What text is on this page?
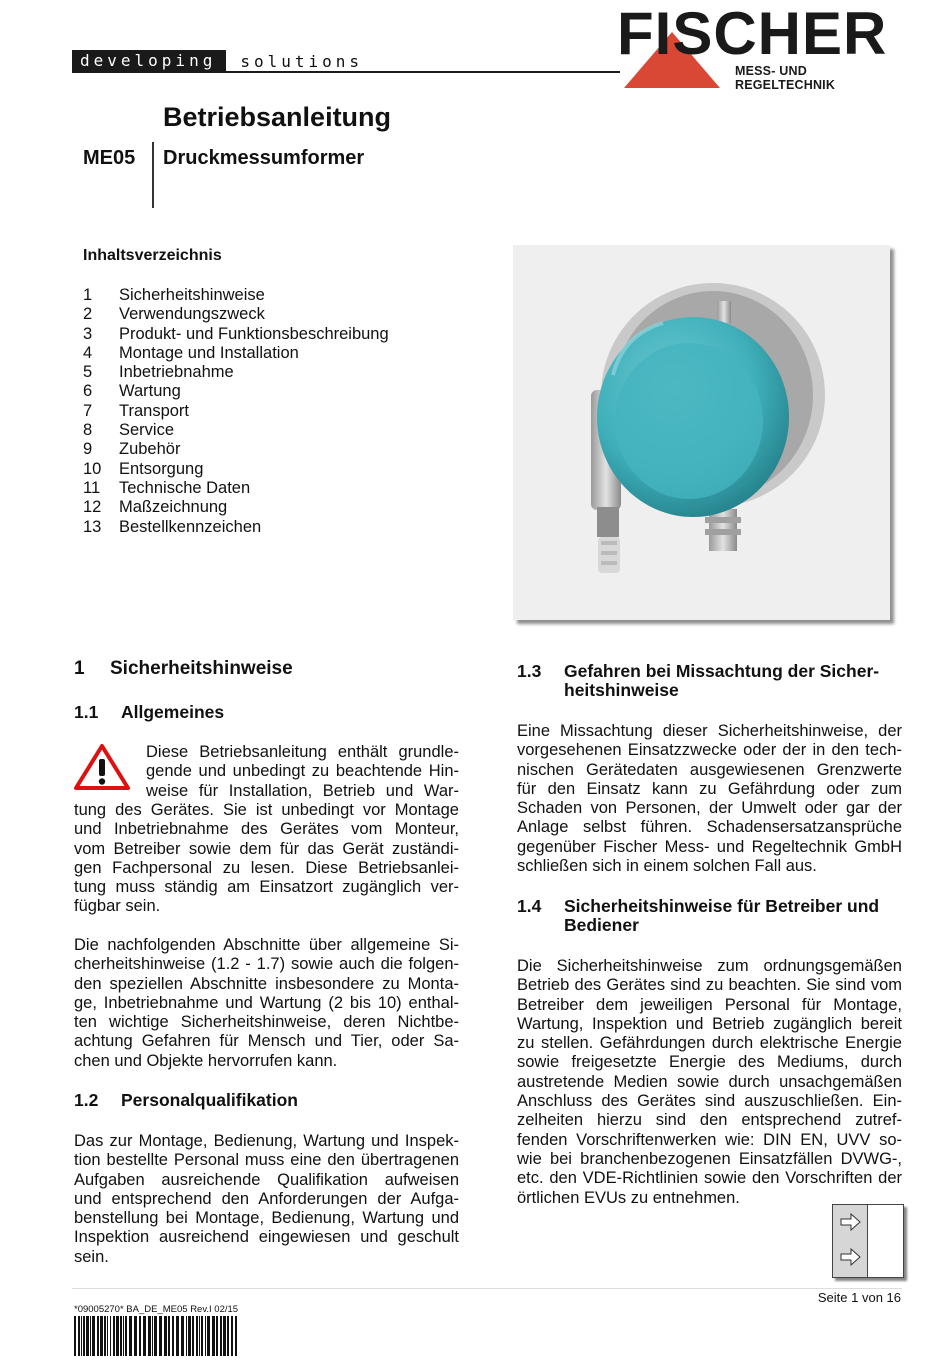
developing	solutions	FISCHER
MESS- UND REGELTECHNIK
Betriebsanleitung
ME05 Druckmessumformer
Inhaltsverzeichnis
1	Sicherheitshinweise
2	Verwendungszweck
3	Produkt- und Funktionsbeschreibung
4	Montage und Installation
5	Inbetriebnahme
6	Wartung
7	Transport
8	Service
9	Zubehör
10	Entsorgung
11	Technische Daten
12	Maßzeichnung
13	Bestellkennzeichen
1 Sicherheitshinweise
1.1 Allgemeines
Diese Betriebsanleitung enthält grundle-
gende und unbedingt zu beachtende Hin-
weise für Installation, Betrieb und War-
tung des Gerätes. Sie ist unbedingt vor Montage
und Inbetriebnahme des Gerätes vom Monteur,
vom Betreiber sowie dem für das Gerät zuständi-
gen Fachpersonal zu lesen. Diese Betriebsanlei-
tung muss ständig am Einsatzort zugänglich ver-
fügbar sein.
Die nachfolgenden Abschnitte über allgemeine Si-
cherheitshinweise (1.2 - 1.7) sowie auch die folgen-
den speziellen Abschnitte insbesondere zu Monta-
ge, Inbetriebnahme und Wartung (2 bis 10) enthal-
ten wichtige Sicherheitshinweise, deren Nichtbe-
achtung Gefahren für Mensch und Tier, oder Sa-
chen und Objekte hervorrufen kann.
1.2 Personalqualifikation
Das zur Montage, Bedienung, Wartung und Inspek-
tion bestellte Personal muss eine den übertragenen
Aufgaben ausreichende Qualifikation aufweisen
und entsprechend den Anforderungen der Aufga-
benstellung bei Montage, Bedienung, Wartung und
Inspektion ausreichend eingewiesen und geschult
sein.
1.3 Gefahren bei Missachtung der Sicher-
heitshinweise
Eine Missachtung dieser Sicherheitshinweise, der
vorgesehenen Einsatzzwecke oder der in den tech-
nischen Gerätedaten ausgewiesenen Grenzwerte
für den Einsatz kann zu Gefährdung oder zum
Schaden von Personen, der Umwelt oder gar der
Anlage selbst führen. Schadensersatzansprüche
gegenüber Fischer Mess- und Regeltechnik GmbH
schließen sich in einem solchen Fall aus.
1.4 Sicherheitshinweise für Betreiber und
Bediener
Die Sicherheitshinweise zum ordnungsgemäßen
Betrieb des Gerätes sind zu beachten. Sie sind vom
Betreiber dem jeweiligen Personal für Montage,
Wartung, Inspektion und Betrieb zugänglich bereit
zu stellen. Gefährdungen durch elektrische Energie
sowie freigesetzte Energie des Mediums, durch
austretende Medien sowie durch unsachgemäßen
Anschluss des Gerätes sind auszuschließen. Ein-
zelheiten hierzu sind den entsprechend zutref-
fenden Vorschriftenwerken wie: DIN EN, UVV so-
wie bei branchenbezogenen Einsatzfällen DVWG-,
etc. den VDE-Richtlinien sowie den Vorschriften der
örtlichen EVUs zu entnehmen.
Seite 1 von 16
*09005270* BA_DE_ME05 Rev.I 02/15
